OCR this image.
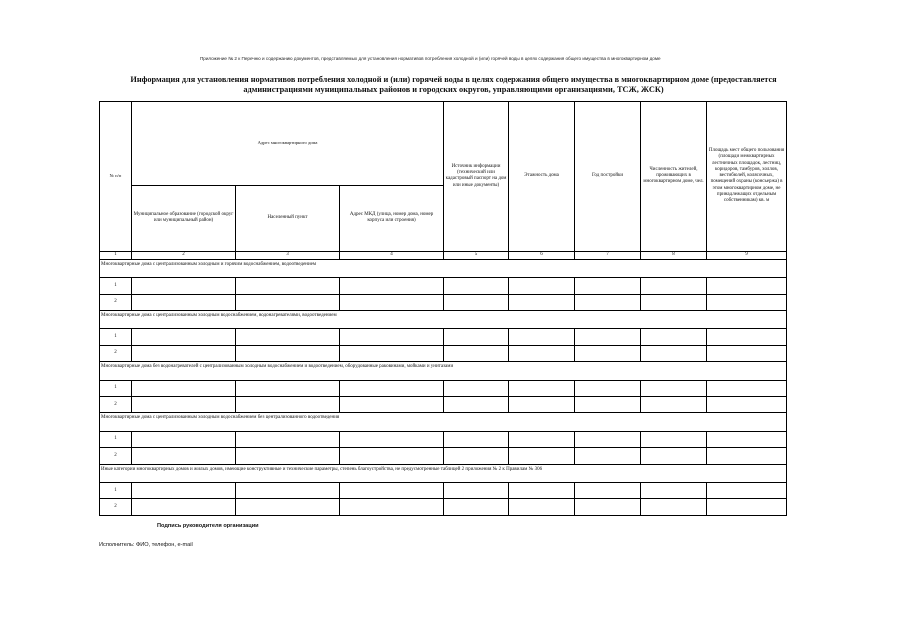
Приложение № 2 к Перечню и содержанию документов, представляемых для установления нормативов потребления холодной и (или) горячей воды в целях содержания общего имущества в многоквартирном доме
Информация для установления нормативов потребления холодной и (или) горячей воды в целях содержания общего имущества в многоквартирном доме (предоставляется администрациями муниципальных районов и городских округов, управляющими организациями, ТСЖ, ЖСК)
№ п/п	Адрес многоквартирного дома			Источник информации (технический или кадастровый паспорт на дом или иные документы)	Этажность дома	Год постройки	Численность жителей, проживающих в многоквартирном доме, чел.	Площадь мест общего пользования (площади межквартирных лестничных площадок, лестниц, коридоров, тамбуров, холлов, вестибюлей, колясочных, помещений охраны (консьержа) в этом многоквартирном доме, не принадлежащих отдельным собственникам) кв. м
	Муниципальное образование (городской округ или муниципальный район)	Населенный пункт	Адрес МКД (улица, номер дома, номер корпуса или строения)					
1	2	3	4	5	6	7	8	9
Многоквартирные дома с централизованным холодным и горячим водоснабжением, водоотведением								
1								
2								
Многоквартирные дома с централизованным холодным водоснабжением, водонагревателями, водоотведением								
1								
2								
Многоквартирные дома без водонагревателей с централизованным холодным водоснабжением и водоотведением, оборудованные раковинами, мойками и унитазами								
1								
2								
Многоквартирные дома с централизованным холодным водоснабжением без централизованного водоотведения								
1								
2								
Иные категории многоквартирных домов и жилых домов, имеющие конструктивные и технические параметры, степень благоустройства, не предусмотренные таблицей 2 приложения № 2 к Правилам № 306								
1								
2								
Подпись руководителя организации
Исполнитель: ФИО, телефон, e-mail
